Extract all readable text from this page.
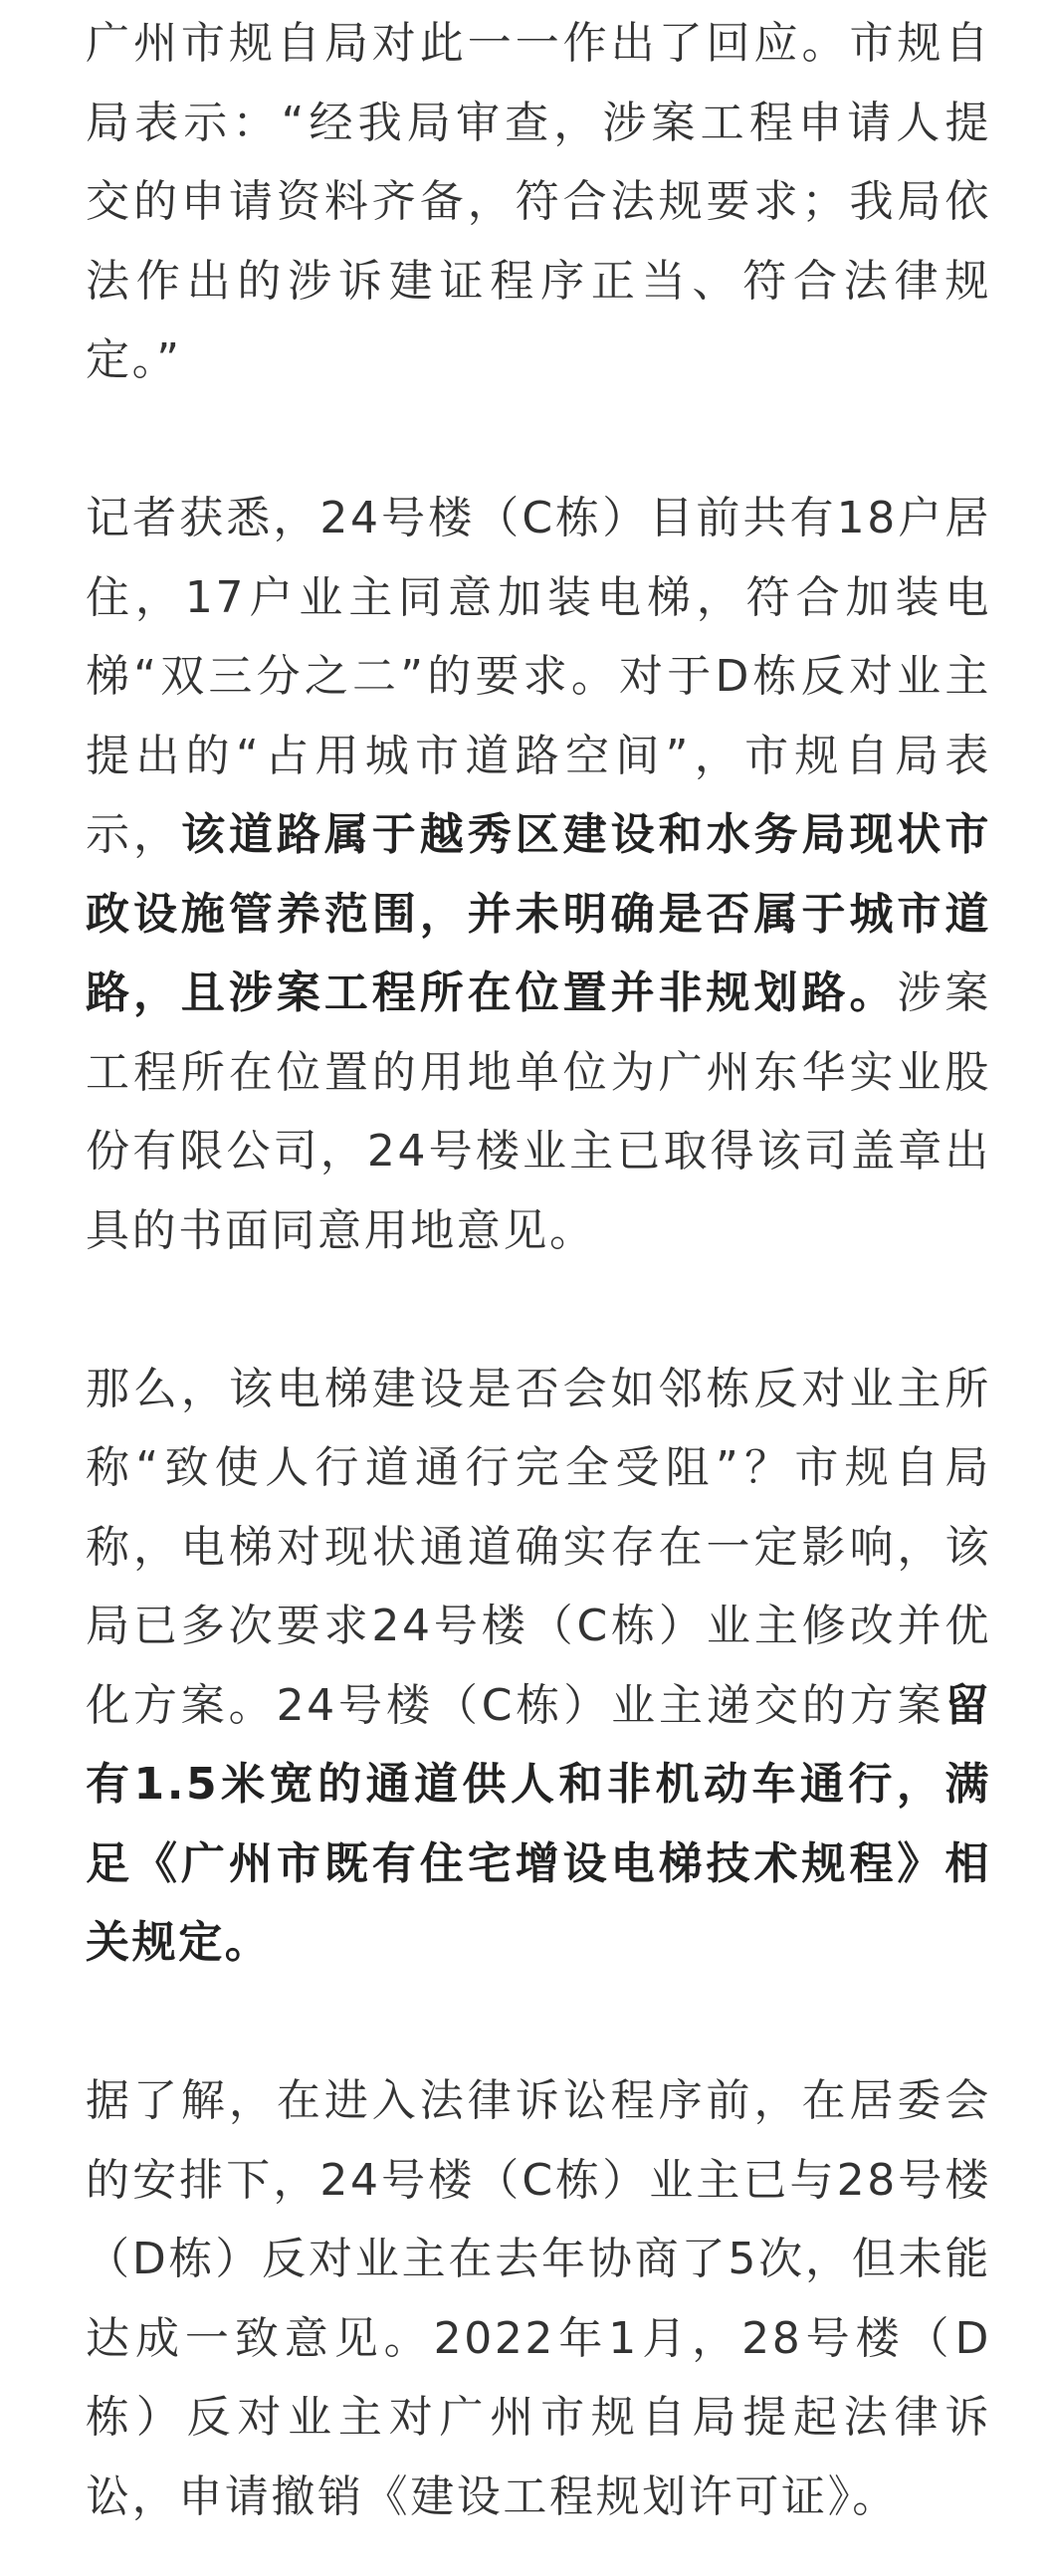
广州市规自局对此一一作出了回应。市规自局表示：“经我局审查，涉案工程申请人提交的申请资料齐备，符合法规要求；我局依法作出的涉诉建证程序正当、符合法律规定。”

记者获悉，24号楼（C栋）目前共有18户居住，17户业主同意加装电梯，符合加装电梯“双三分之二”的要求。对于D栋反对业主提出的“占用城市道路空间”，市规自局表示，该道路属于越秀区建设和水务局现状市政设施管养范围，并未明确是否属于城市道路，且涉案工程所在位置并非规划路。涉案工程所在位置的用地单位为广州东华实业股份有限公司，24号楼业主已取得该司盖章出具的书面同意用地意见。

那么，该电梯建设是否会如邻栋反对业主所称“致使人行道通行完全受阻”？市规自局称，电梯对现状通道确实存在一定影响，该局已多次要求24号楼（C栋）业主修改并优化方案。24号楼（C栋）业主递交的方案留有1.5米宽的通道供人和非机动车通行，满足《广州市既有住宅增设电梯技术规程》相关规定。

据了解，在进入法律诉讼程序前，在居委会的安排下，24号楼（C栋）业主已与28号楼（D栋）反对业主在去年协商了5次，但未能达成一致意见。2022年1月，28号楼（D栋）反对业主对广州市规自局提起法律诉讼，申请撤销《建设工程规划许可证》。
